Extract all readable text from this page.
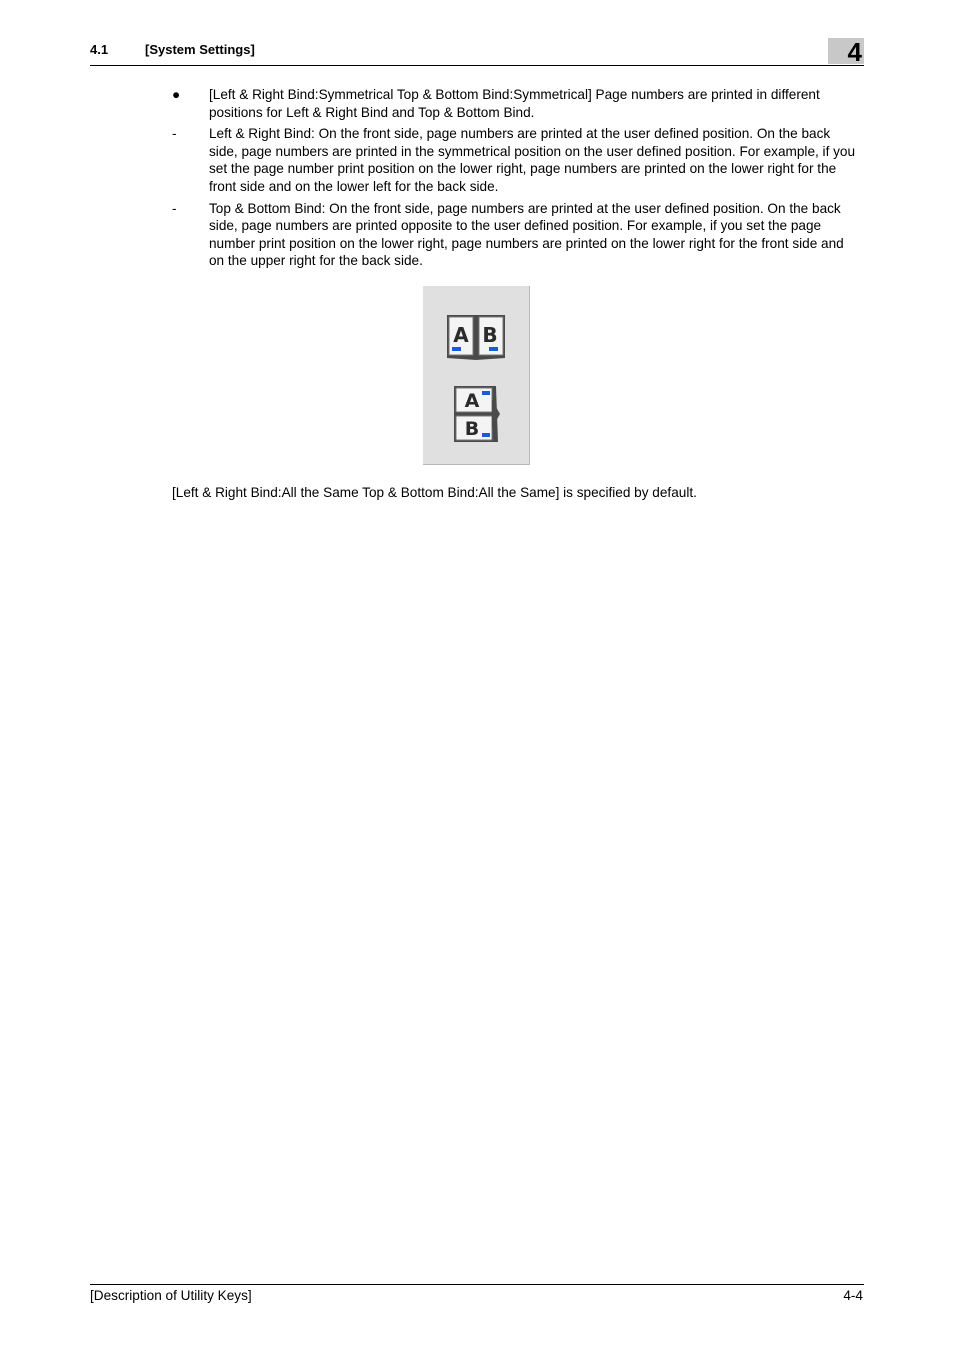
4.1	[System Settings]	4
●	[Left & Right Bind:Symmetrical Top & Bottom Bind:Symmetrical] Page numbers are printed in different positions for Left & Right Bind and Top & Bottom Bind.
-	Left & Right Bind: On the front side, page numbers are printed at the user defined position. On the back side, page numbers are printed in the symmetrical position on the user defined position. For example, if you set the page number print position on the lower right, page numbers are printed on the lower right for the front side and on the lower left for the back side.
-	Top & Bottom Bind: On the front side, page numbers are printed at the user defined position. On the back side, page numbers are printed opposite to the user defined position. For example, if you set the page number print position on the lower right, page numbers are printed on the lower right for the front side and on the upper right for the back side.
A B
A
B
[Left & Right Bind:All the Same Top & Bottom Bind:All the Same] is specified by default.
[Description of Utility Keys]	4-4
